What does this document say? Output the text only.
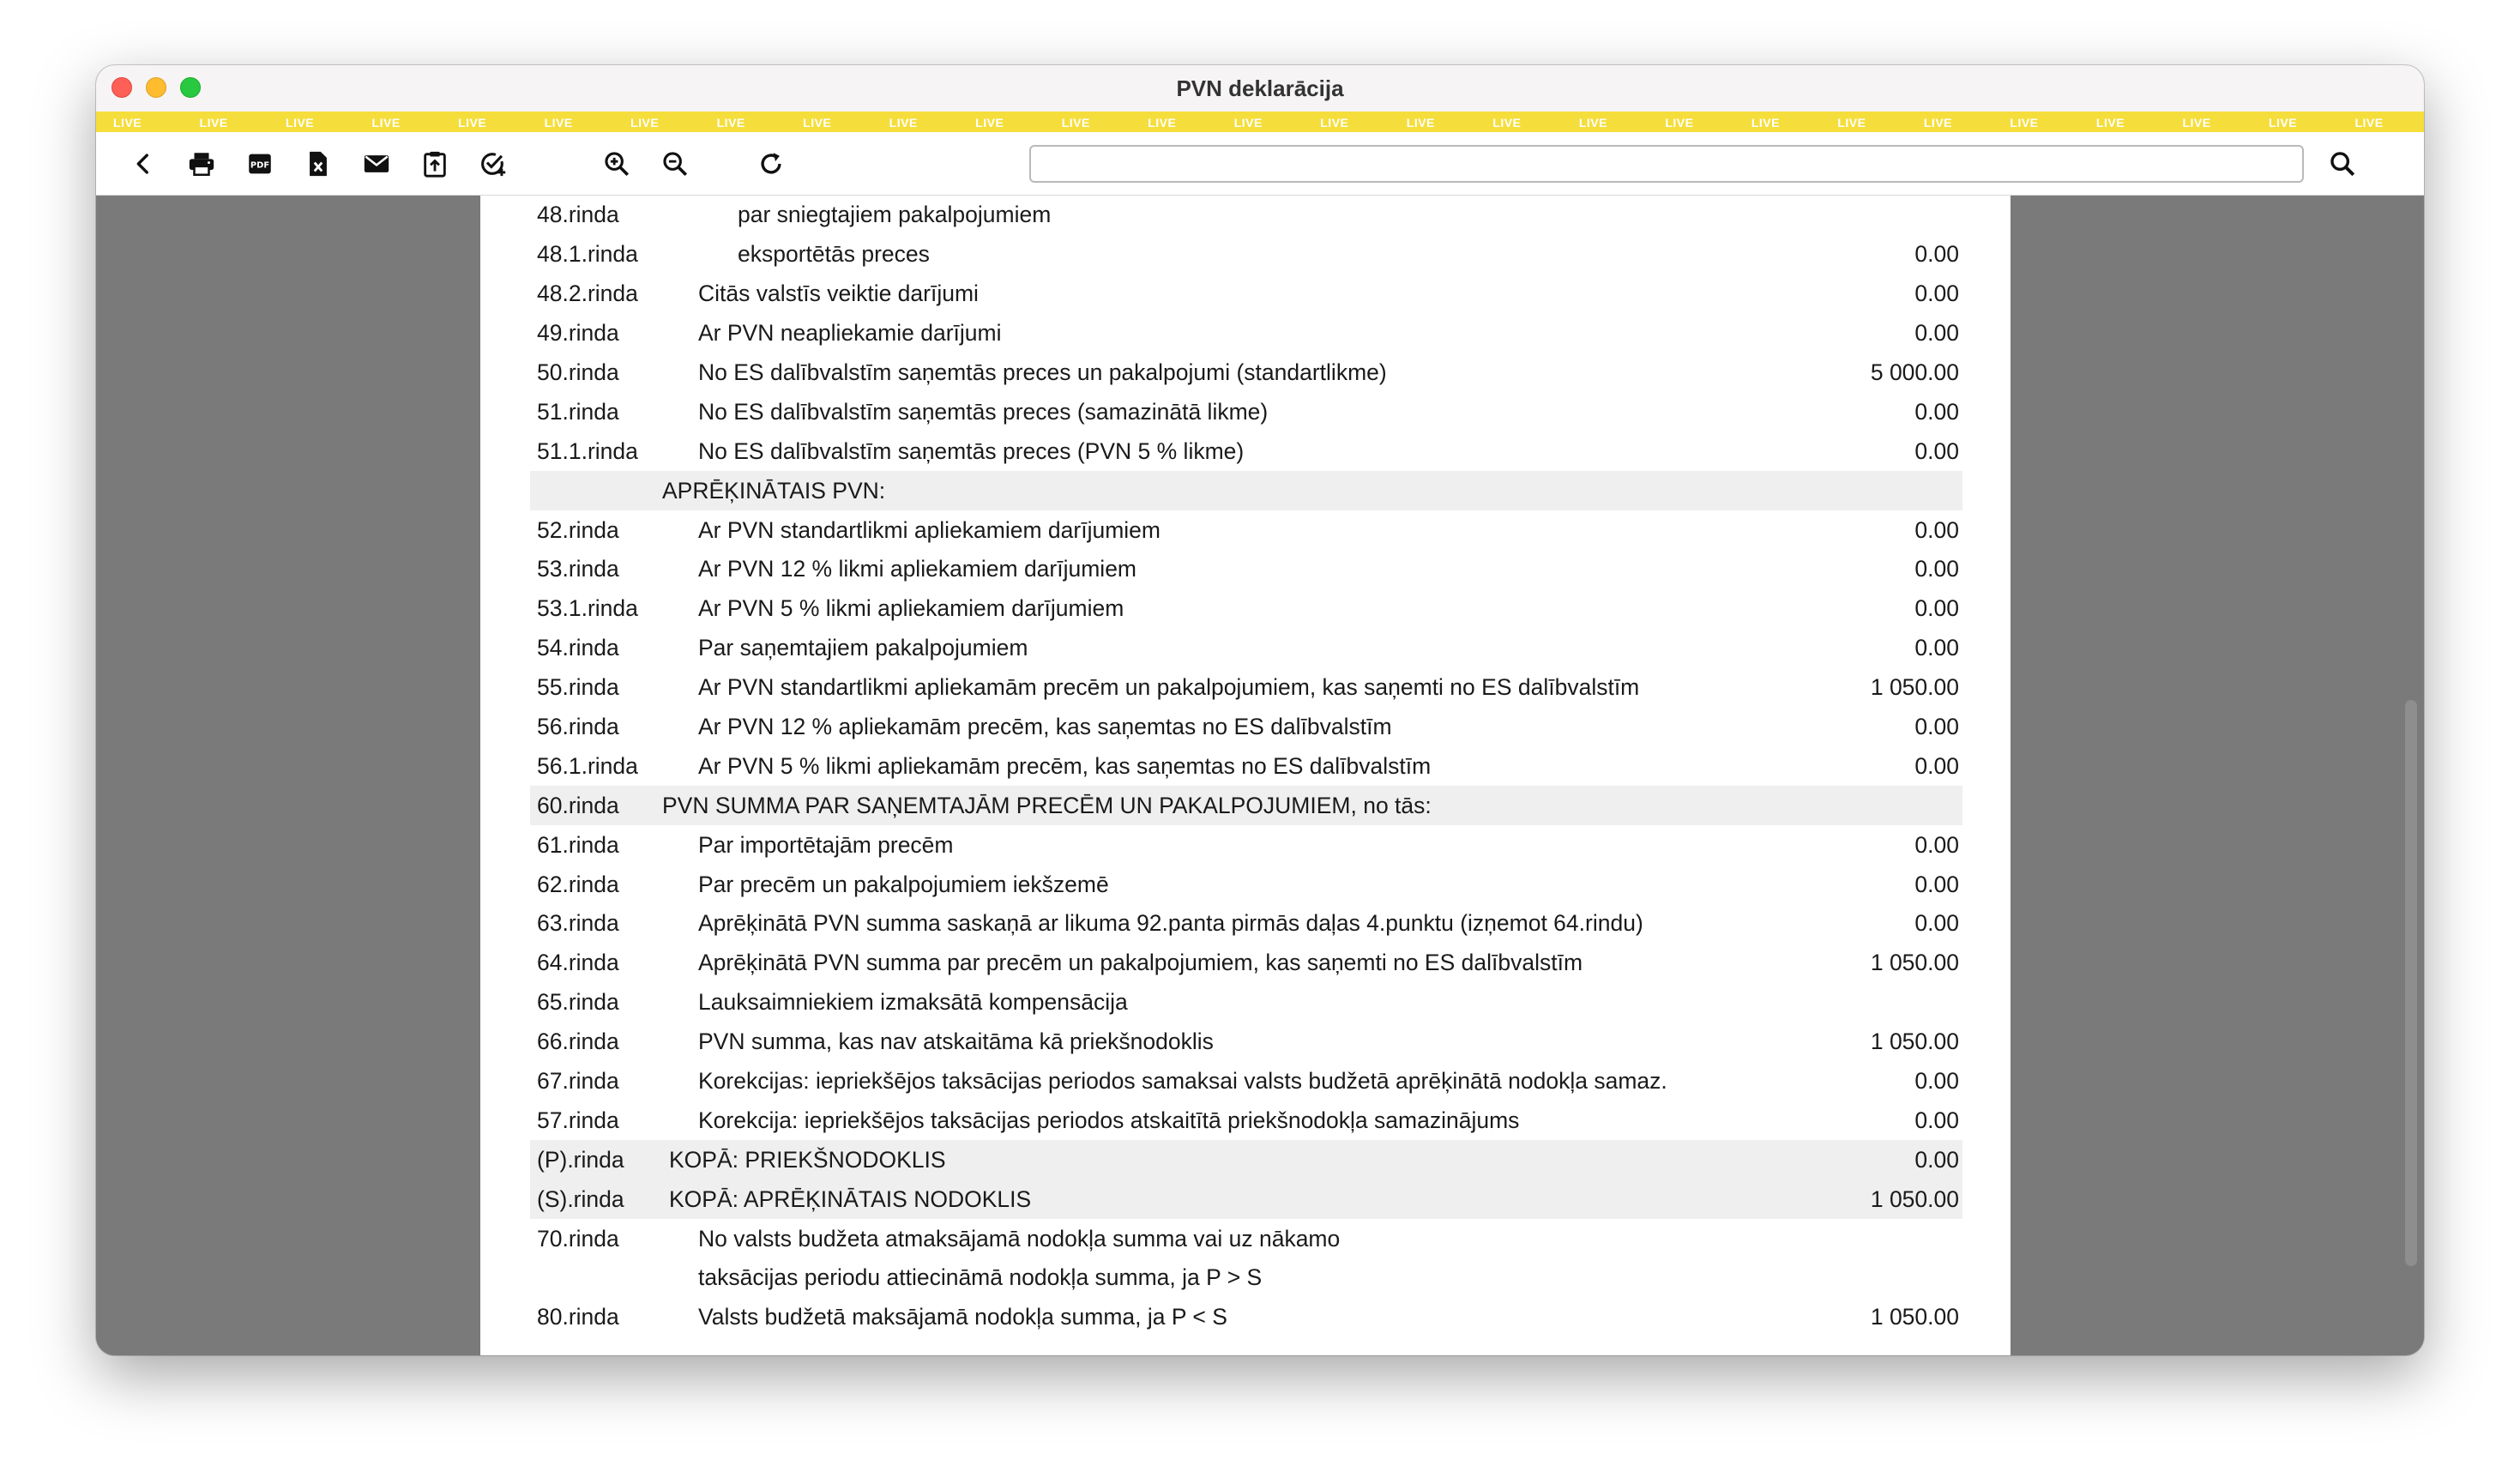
PVN deklarācija
LIVE	LIVE	LIVE	LIVE	LIVE	LIVE	LIVE	LIVE	LIVE	LIVE	LIVE	LIVE	LIVE	LIVE	LIVE	LIVE	LIVE	LIVE	LIVE	LIVE	LIVE	LIVE	LIVE	LIVE	LIVE	LIVE	LIVE
PDF
48.rinda	par sniegtajiem pakalpojumiem
48.1.rinda	eksportētās preces	0.00
48.2.rinda	Citās valstīs veiktie darījumi	0.00
49.rinda	Ar PVN neapliekamie darījumi	0.00
50.rinda	No ES dalībvalstīm saņemtās preces un pakalpojumi (standartlikme)	5 000.00
51.rinda	No ES dalībvalstīm saņemtās preces (samazinātā likme)	0.00
51.1.rinda	No ES dalībvalstīm saņemtās preces (PVN 5 % likme)	0.00
APRĒĶINĀTAIS PVN:
52.rinda	Ar PVN standartlikmi apliekamiem darījumiem	0.00
53.rinda	Ar PVN 12 % likmi apliekamiem darījumiem	0.00
53.1.rinda	Ar PVN 5 % likmi apliekamiem darījumiem	0.00
54.rinda	Par saņemtajiem pakalpojumiem	0.00
55.rinda	Ar PVN standartlikmi apliekamām precēm un pakalpojumiem, kas saņemti no ES dalībvalstīm	1 050.00
56.rinda	Ar PVN 12 % apliekamām precēm, kas saņemtas no ES dalībvalstīm	0.00
56.1.rinda	Ar PVN 5 % likmi apliekamām precēm, kas saņemtas no ES dalībvalstīm	0.00
60.rinda PVN SUMMA PAR SAŅEMTAJĀM PRECĒM UN PAKALPOJUMIEM, no tās:
61.rinda	Par importētajām precēm	0.00
62.rinda	Par precēm un pakalpojumiem iekšzemē	0.00
63.rinda	Aprēķinātā PVN summa saskaņā ar likuma 92.panta pirmās daļas 4.punktu (izņemot 64.rindu)	0.00
64.rinda	Aprēķinātā PVN summa par precēm un pakalpojumiem, kas saņemti no ES dalībvalstīm	1 050.00
65.rinda	Lauksaimniekiem izmaksātā kompensācija
66.rinda	PVN summa, kas nav atskaitāma kā priekšnodoklis	1 050.00
67.rinda	Korekcijas: iepriekšējos taksācijas periodos samaksai valsts budžetā aprēķinātā nodokļa samaz.	0.00
57.rinda	Korekcija: iepriekšējos taksācijas periodos atskaitītā priekšnodokļa samazinājums	0.00
(P).rinda KOPĀ: PRIEKŠNODOKLIS	0.00
(S).rinda KOPĀ: APRĒĶINĀTAIS NODOKLIS	1 050.00
70.rinda	No valsts budžeta atmaksājamā nodokļa summa vai uz nākamo
taksācijas periodu attiecināmā nodokļa summa, ja P > S
80.rinda	Valsts budžetā maksājamā nodokļa summa, ja P < S	1 050.00
